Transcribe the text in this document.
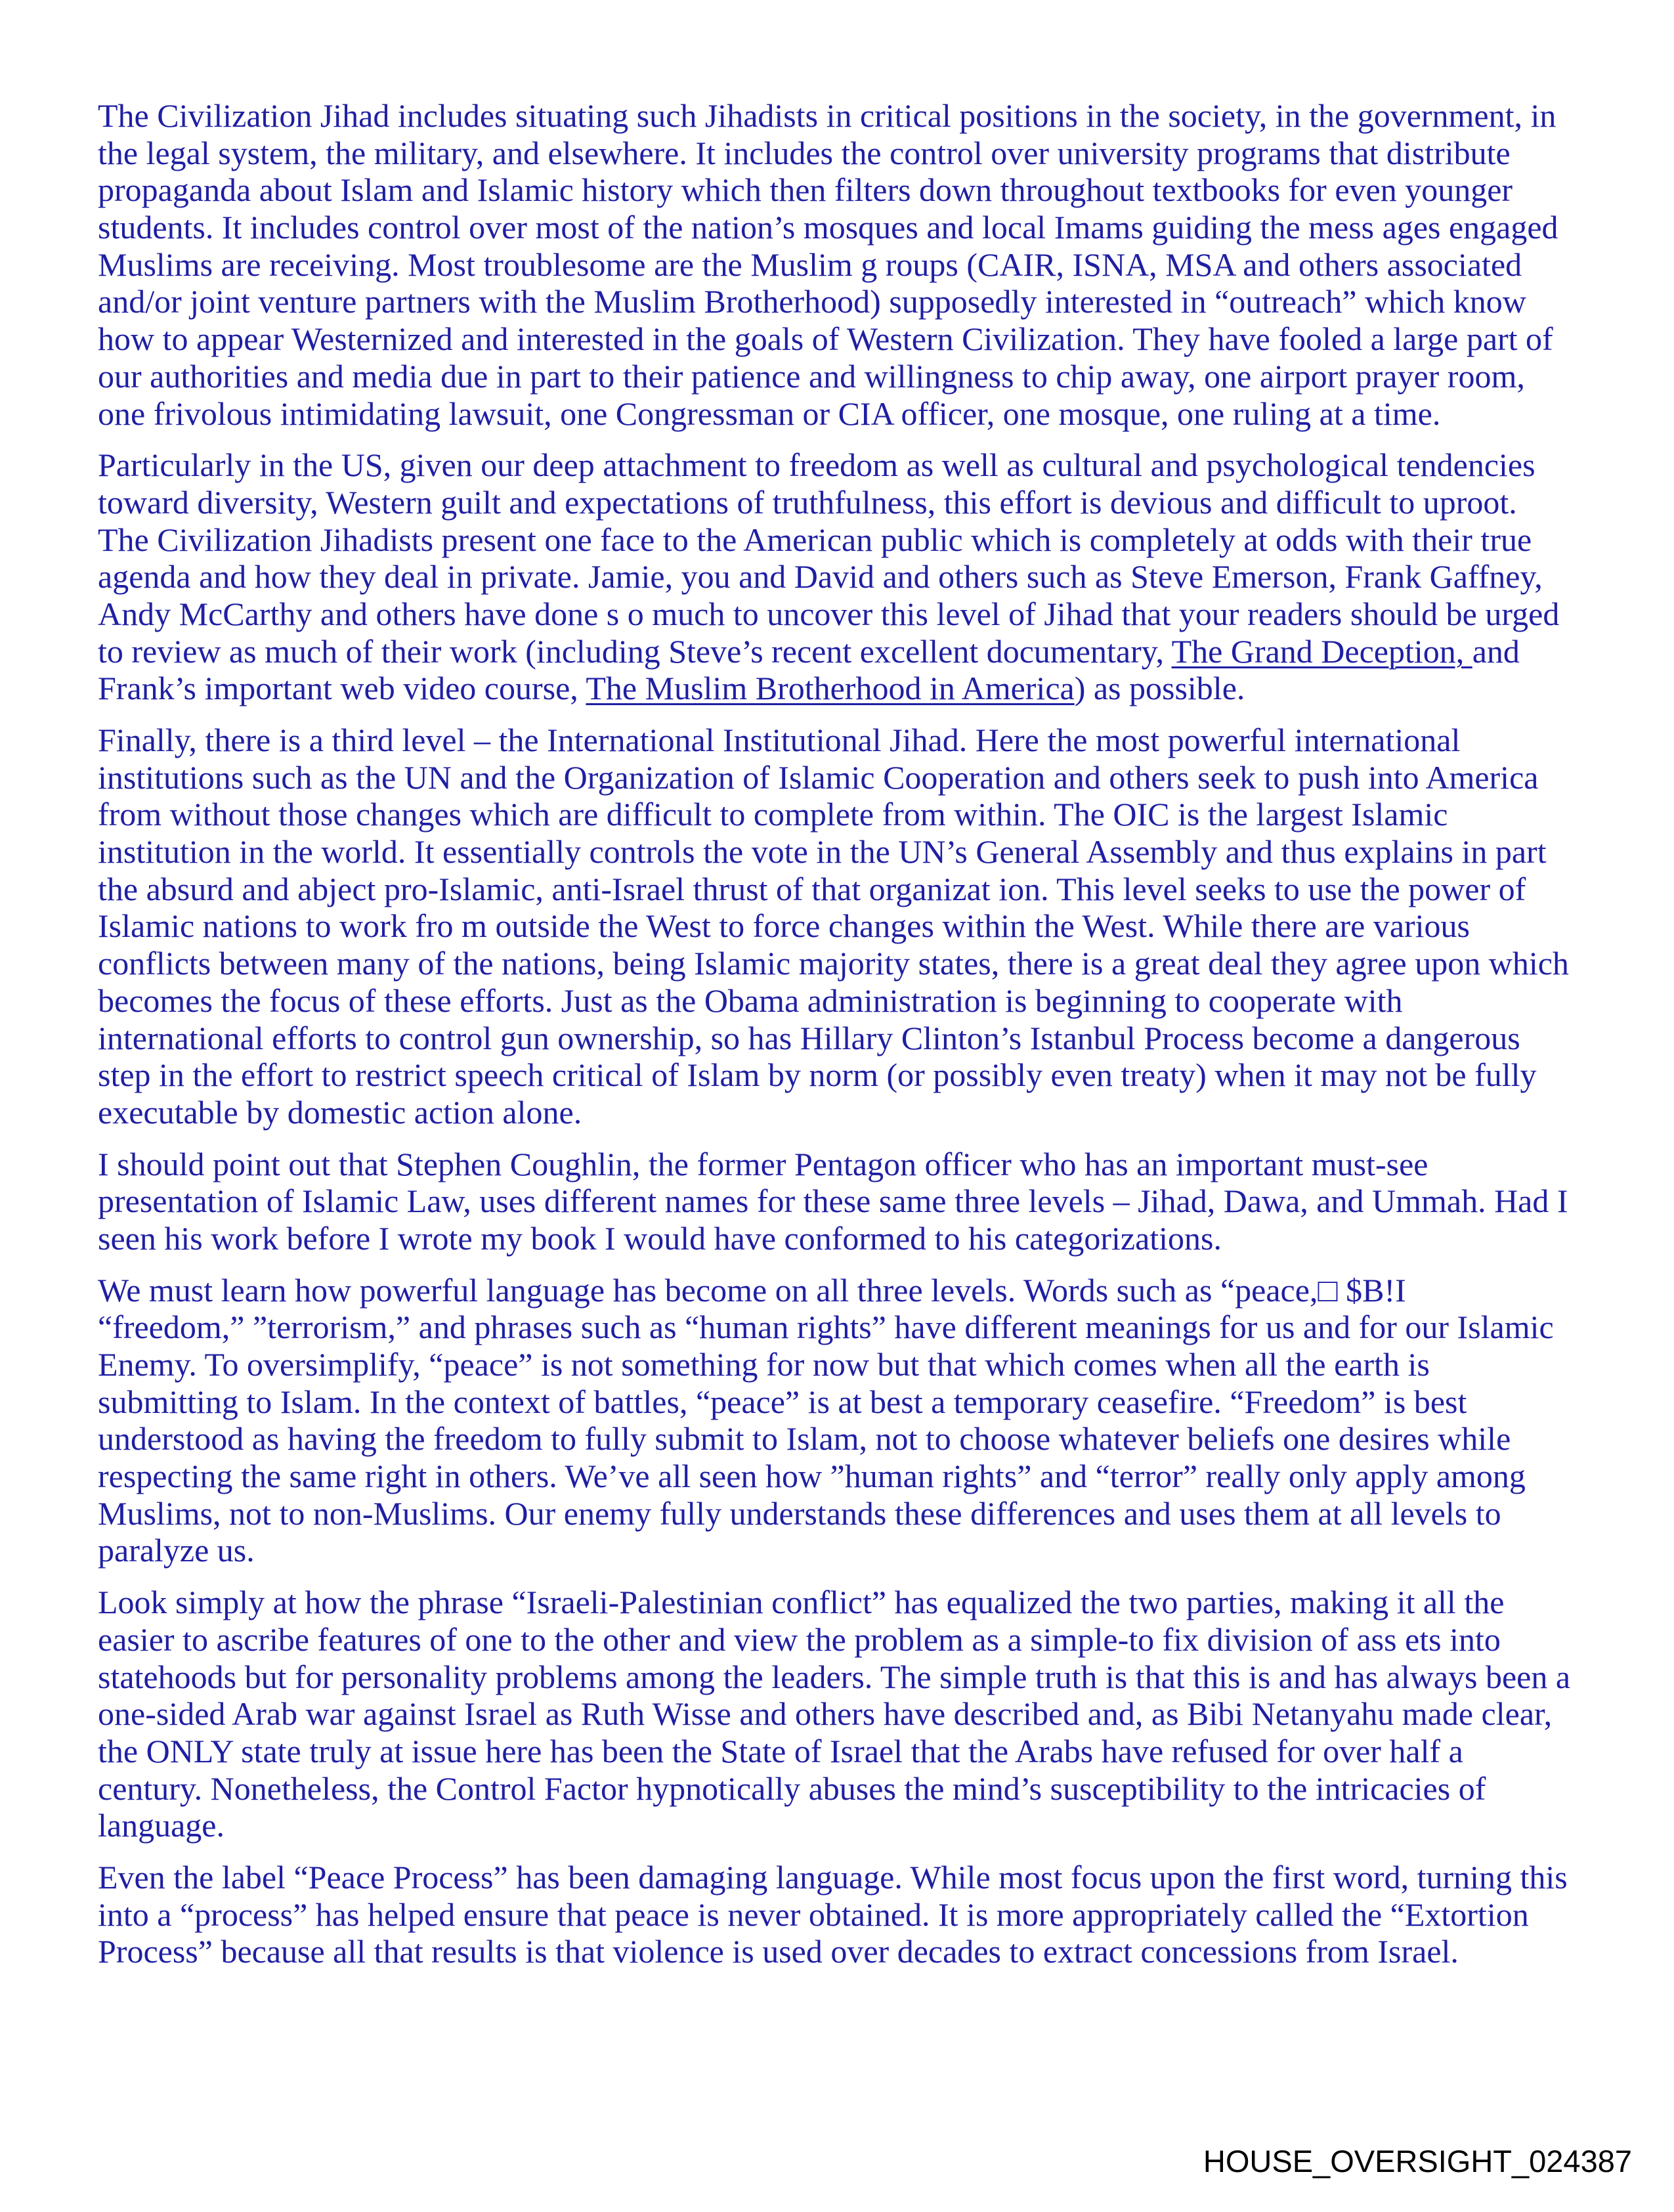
The Civilization Jihad includes situating such Jihadists in critical positions in the society, in the government, in
the legal system, the military, and elsewhere. It includes the control over university programs that distribute
propaganda about Islam and Islamic history which then filters down throughout textbooks for even younger
students. It includes control over most of the nation’s mosques and local Imams guiding the mess ages engaged
Muslims are receiving. Most troublesome are the Muslim g roups (CAIR, ISNA, MSA and others associated
and/or joint venture partners with the Muslim Brotherhood) supposedly interested in “outreach” which know
how to appear Westernized and interested in the goals of Western Civilization. They have fooled a large part of
our authorities and media due in part to their patience and willingness to chip away, one airport prayer room,
one frivolous intimidating lawsuit, one Congressman or CIA officer, one mosque, one ruling at a time.
Particularly in the US, given our deep attachment to freedom as well as cultural and psychological tendencies
toward diversity, Western guilt and expectations of truthfulness, this effort is devious and difficult to uproot.
The Civilization Jihadists present one face to the American public which is completely at odds with their true
agenda and how they deal in private. Jamie, you and David and others such as Steve Emerson, Frank Gaffney,
Andy McCarthy and others have done s o much to uncover this level of Jihad that your readers should be urged
to review as much of their work (including Steve’s recent excellent documentary, The Grand Deception, and
Frank’s important web video course, The Muslim Brotherhood in America) as possible.
Finally, there is a third level – the International Institutional Jihad. Here the most powerful international
institutions such as the UN and the Organization of Islamic Cooperation and others seek to push into America
from without those changes which are difficult to complete from within. The OIC is the largest Islamic
institution in the world. It essentially controls the vote in the UN’s General Assembly and thus explains in part
the absurd and abject pro-Islamic, anti-Israel thrust of that organizat ion. This level seeks to use the power of
Islamic nations to work fro m outside the West to force changes within the West. While there are various
conflicts between many of the nations, being Islamic majority states, there is a great deal they agree upon which
becomes the focus of these efforts. Just as the Obama administration is beginning to cooperate with
international efforts to control gun ownership, so has Hillary Clinton’s Istanbul Process become a dangerous
step in the effort to restrict speech critical of Islam by norm (or possibly even treaty) when it may not be fully
executable by domestic action alone.
I should point out that Stephen Coughlin, the former Pentagon officer who has an important must-see
presentation of Islamic Law, uses different names for these same three levels – Jihad, Dawa, and Ummah. Had I
seen his work before I wrote my book I would have conformed to his categorizations.
We must learn how powerful language has become on all three levels. Words such as “peace,□ $B!I
“freedom,” ”terrorism,” and phrases such as “human rights” have different meanings for us and for our Islamic
Enemy. To oversimplify, “peace” is not something for now but that which comes when all the earth is
submitting to Islam. In the context of battles, “peace” is at best a temporary ceasefire. “Freedom” is best
understood as having the freedom to fully submit to Islam, not to choose whatever beliefs one desires while
respecting the same right in others. We’ve all seen how ”human rights” and “terror” really only apply among
Muslims, not to non-Muslims. Our enemy fully understands these differences and uses them at all levels to
paralyze us.
Look simply at how the phrase “Israeli-Palestinian conflict” has equalized the two parties, making it all the
easier to ascribe features of one to the other and view the problem as a simple-to fix division of ass ets into
statehoods but for personality problems among the leaders. The simple truth is that this is and has always been a
one-sided Arab war against Israel as Ruth Wisse and others have described and, as Bibi Netanyahu made clear,
the ONLY state truly at issue here has been the State of Israel that the Arabs have refused for over half a
century. Nonetheless, the Control Factor hypnotically abuses the mind’s susceptibility to the intricacies of
language.
Even the label “Peace Process” has been damaging language. While most focus upon the first word, turning this
into a “process” has helped ensure that peace is never obtained. It is more appropriately called the “Extortion
Process” because all that results is that violence is used over decades to extract concessions from Israel.
HOUSE_OVERSIGHT_024387
